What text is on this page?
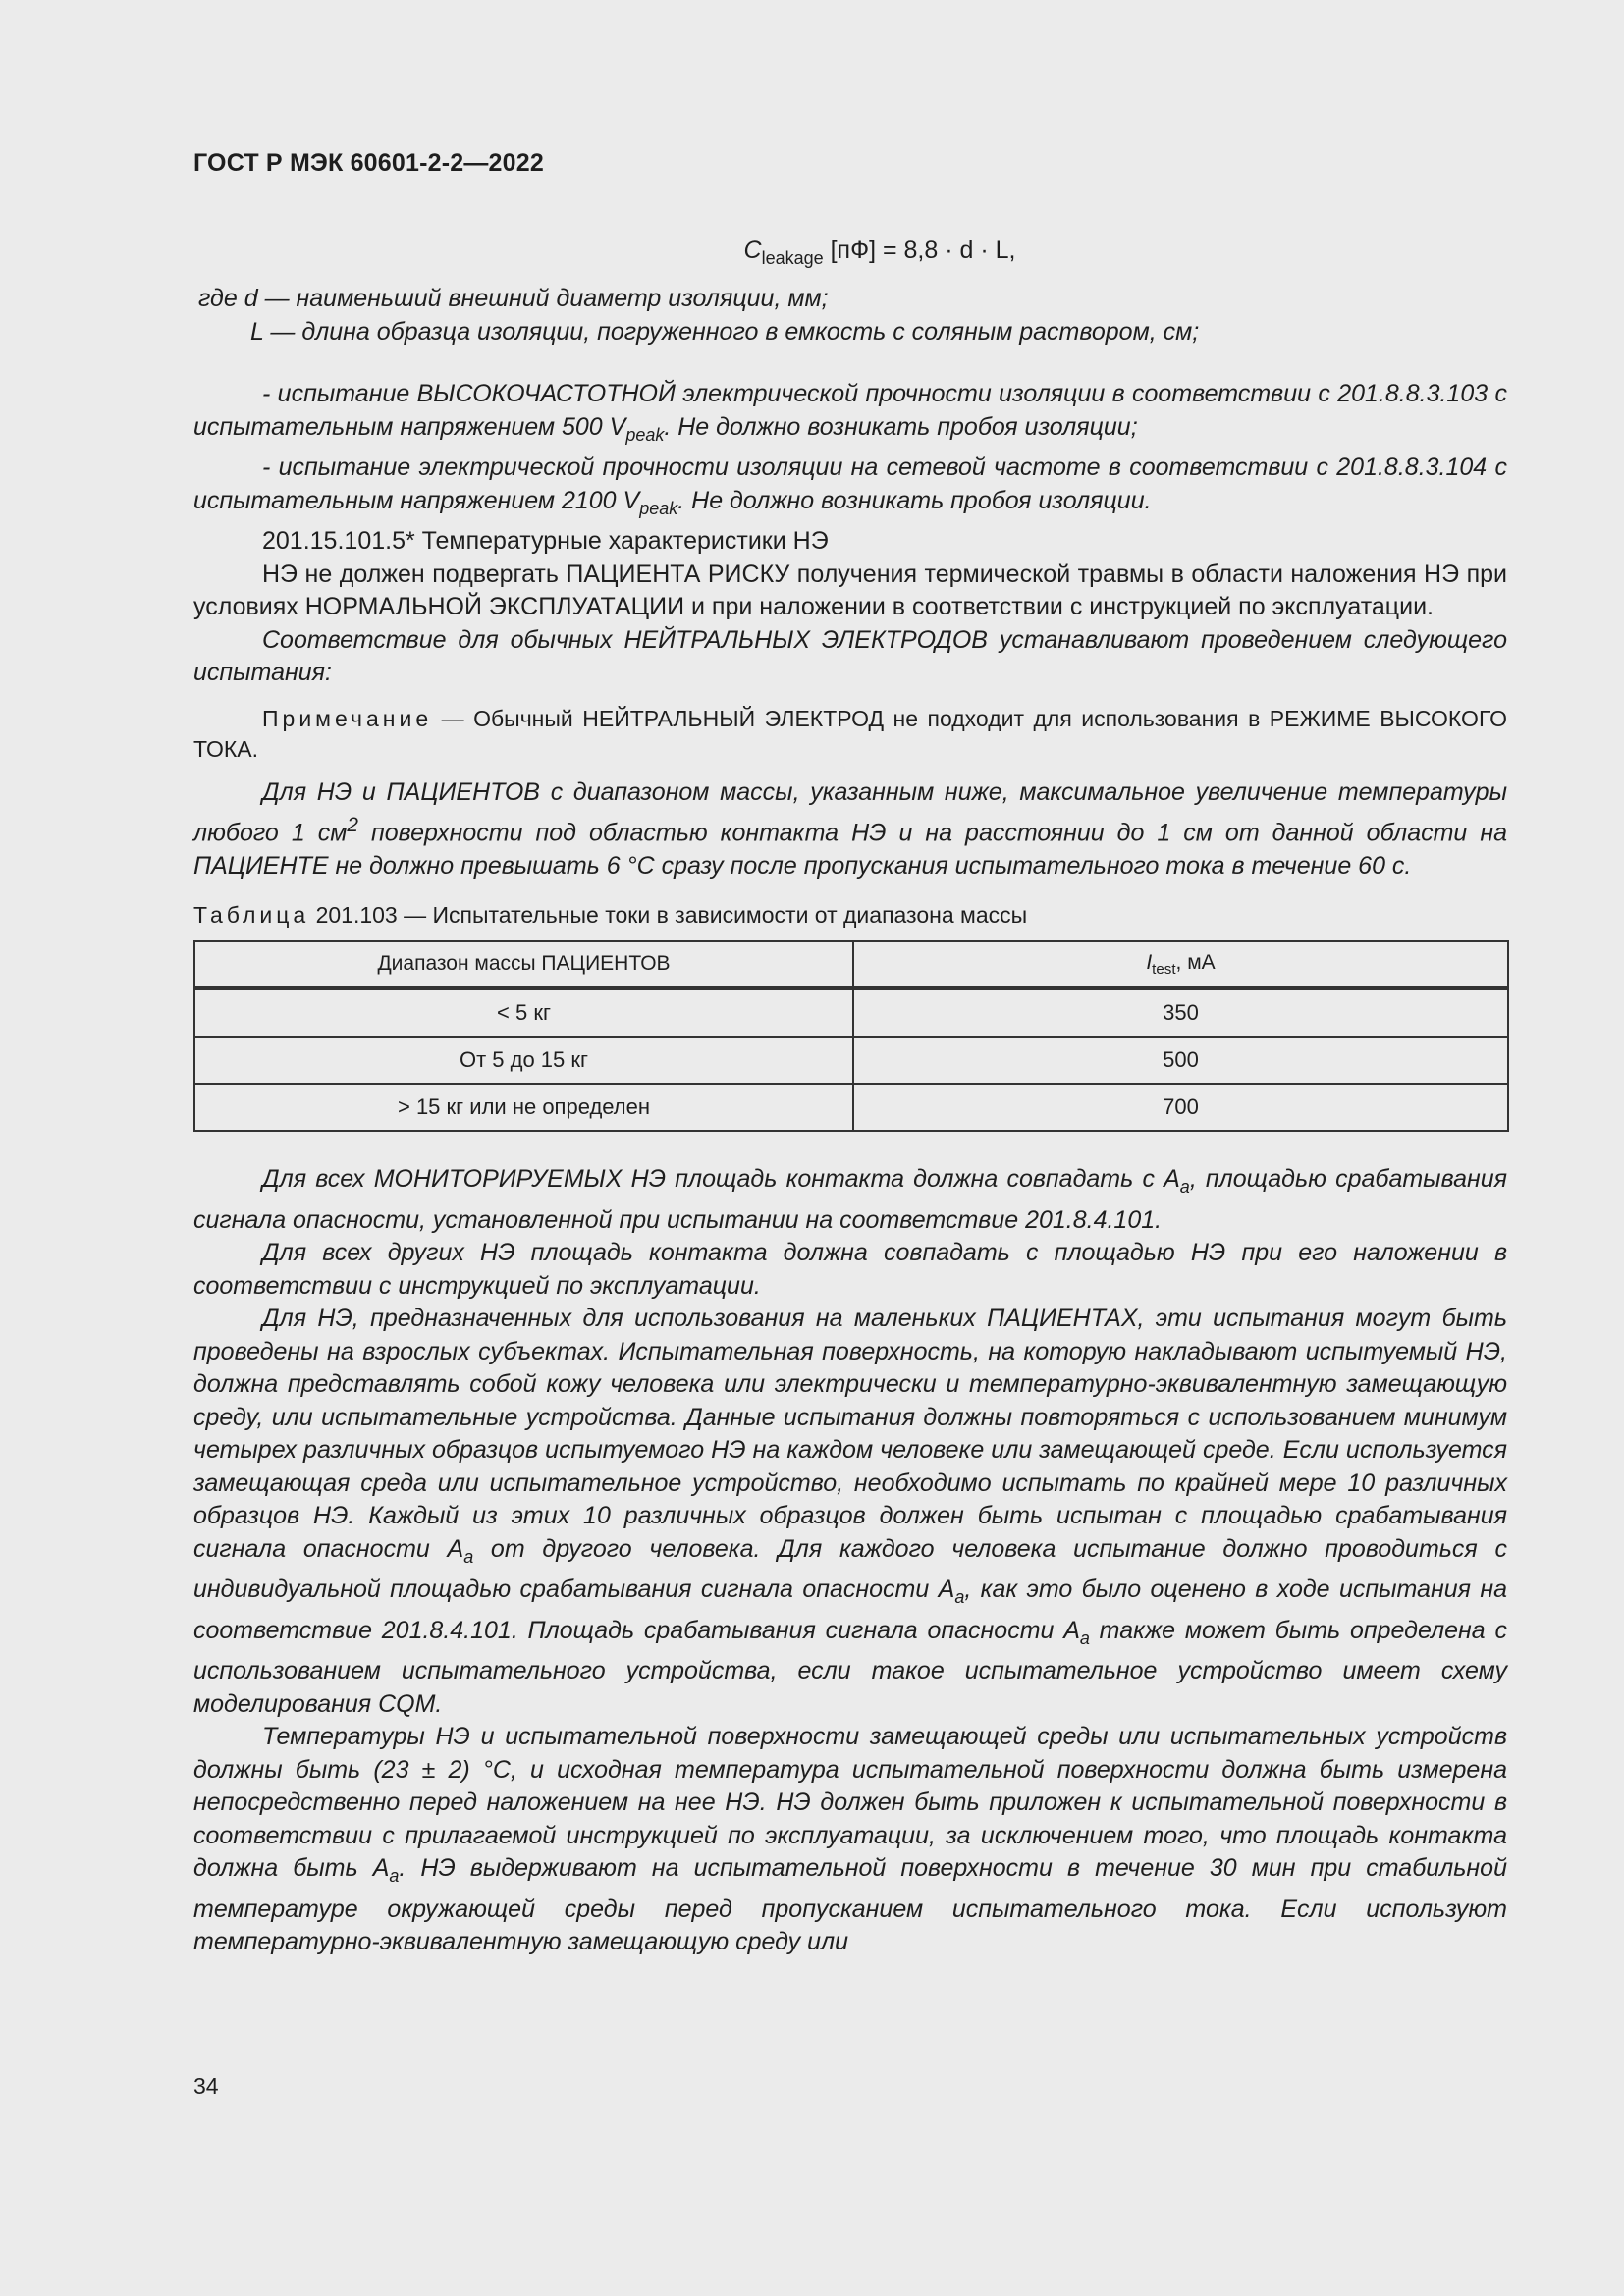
ГОСТ Р МЭК 60601-2-2—2022
$C_{leakage}$ [пФ] = 8,8 · d · L,

где d — наименьший внешний диаметр изоляции, мм;

L — длина образца изоляции, погруженного в емкость с соляным раствором, см;

- испытание ВЫСОКОЧАСТОТНОЙ электрической прочности изоляции в соответствии с 201.8.8.3.103 с испытательным напряжением 500 $V_{peak}$. Не должно возникать пробоя изоляции;

- испытание электрической прочности изоляции на сетевой частоте в соответствии с 201.8.8.3.104 с испытательным напряжением 2100 $V_{peak}$. Не должно возникать пробоя изоляции.

201.15.101.5* Температурные характеристики НЭ

НЭ не должен подвергать ПАЦИЕНТА РИСКУ получения термической травмы в области наложения НЭ при условиях НОРМАЛЬНОЙ ЭКСПЛУАТАЦИИ и при наложении в соответствии с инструкцией по эксплуатации.

Соответствие для обычных НЕЙТРАЛЬНЫХ ЭЛЕКТРОДОВ устанавливают проведением следующего испытания:

Примечание — Обычный НЕЙТРАЛЬНЫЙ ЭЛЕКТРОД не подходит для использования в РЕЖИМЕ ВЫСОКОГО ТОКА.

Для НЭ и ПАЦИЕНТОВ с диапазоном массы, указанным ниже, максимальное увеличение температуры любого 1 $см^2$ поверхности под областью контакта НЭ и на расстоянии до 1 см от данной области на ПАЦИЕНТЕ не должно превышать 6 °C сразу после пропускания испытательного тока в течение 60 с.

Таблица 201.103 — Испытательные токи в зависимости от диапазона массы
Диапазон массы ПАЦИЕНТОВ	$I_{test}$, мА
< 5 кг	350
От 5 до 15 кг	500
> 15 кг или не определен	700

Для всех МОНИТОРИРУЕМЫХ НЭ площадь контакта должна совпадать с $A_a$, площадью срабатывания сигнала опасности, установленной при испытании на соответствие 201.8.4.101.

Для всех других НЭ площадь контакта должна совпадать с площадью НЭ при его наложении в соответствии с инструкцией по эксплуатации.

Для НЭ, предназначенных для использования на маленьких ПАЦИЕНТАХ, эти испытания могут быть проведены на взрослых субъектах. Испытательная поверхность, на которую накладывают испытуемый НЭ, должна представлять собой кожу человека или электрически и температурно-эквивалентную замещающую среду, или испытательные устройства. Данные испытания должны повторяться с использованием минимум четырех различных образцов испытуемого НЭ на каждом человеке или замещающей среде. Если используется замещающая среда или испытательное устройство, необходимо испытать по крайней мере 10 различных образцов НЭ. Каждый из этих 10 различных образцов должен быть испытан с площадью срабатывания сигнала опасности $A_a$ от другого человека. Для каждого человека испытание должно проводиться с индивидуальной площадью срабатывания сигнала опасности $A_a$, как это было оценено в ходе испытания на соответствие 201.8.4.101. Площадь срабатывания сигнала опасности $A_a$ также может быть определена с использованием испытательного устройства, если такое испытательное устройство имеет схему моделирования CQM.

Температуры НЭ и испытательной поверхности замещающей среды или испытательных устройств должны быть (23 ± 2) °C, и исходная температура испытательной поверхности должна быть измерена непосредственно перед наложением на нее НЭ. НЭ должен быть приложен к испытательной поверхности в соответствии с прилагаемой инструкцией по эксплуатации, за исключением того, что площадь контакта должна быть $A_a$. НЭ выдерживают на испытательной поверхности в течение 30 мин при стабильной температуре окружающей среды перед пропусканием испытательного тока. Если используют температурно-эквивалентную замещающую среду или

34
